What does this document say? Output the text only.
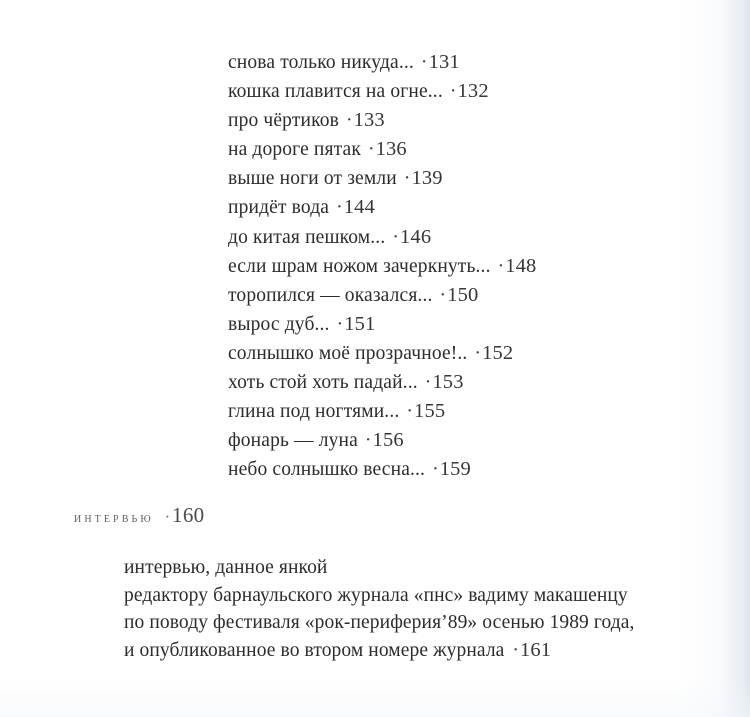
снова только никуда... ·131
кошка плавится на огне... ·132
про чёртиков ·133
на дороге пятак ·136
выше ноги от земли ·139
придёт вода ·144
до китая пешком... ·146
если шрам ножом зачеркнуть... ·148
торопился — оказался... ·150
вырос дуб... ·151
солнышко моё прозрачное!.. ·152
хоть стой хоть падай... ·153
глина под ногтями... ·155
фонарь — луна ·156
небо солнышко весна... ·159
интервью ·160
интервью, данное янкой
редактору барнаульского журнала «пнс» вадиму макашенцу
по поводу фестиваля «рок-периферия’89» осенью 1989 года,
и опубликованное во втором номере журнала ·161
